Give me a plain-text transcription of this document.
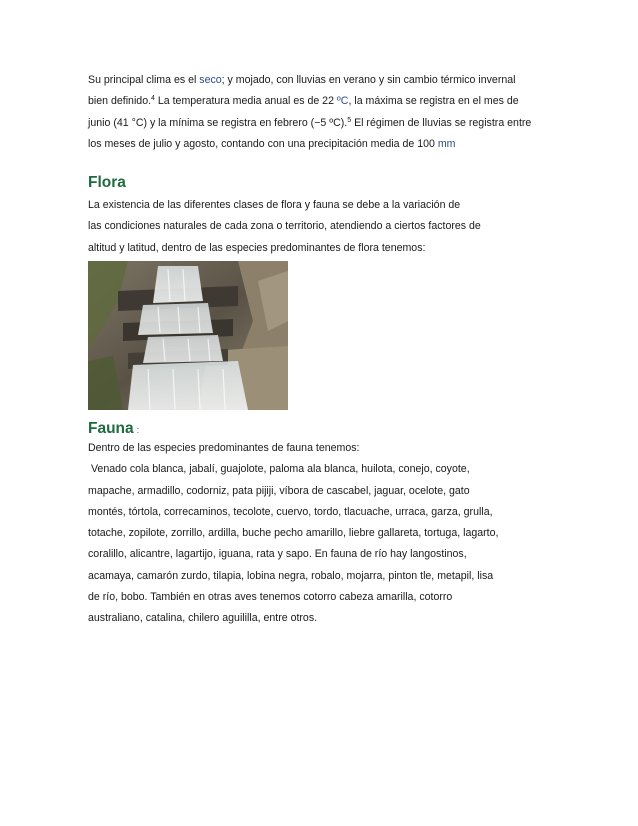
Su principal clima es el seco; y mojado, con lluvias en verano y sin cambio térmico invernal
bien definido.$^4$ La temperatura media anual es de 22 ºC, la máxima se registra en el mes de
junio (41 °C) y la mínima se registra en febrero (−5 ºC).$^5$ El régimen de lluvias se registra entre
los meses de julio y agosto, contando con una precipitación media de 100 mm
Flora
La existencia de las diferentes clases de flora y fauna se debe a la variación de
las condiciones naturales de cada zona o territorio, atendiendo a ciertos factores de
altitud y latitud, dentro de las especies predominantes de flora tenemos:
Fauna :
Dentro de las especies predominantes de fauna tenemos:
Venado cola blanca, jabalí, guajolote, paloma ala blanca, huilota, conejo, coyote,
mapache, armadillo, codorniz, pata pijiji, víbora de cascabel, jaguar, ocelote, gato
montés, tórtola, correcaminos, tecolote, cuervo, tordo, tlacuache, urraca, garza, grulla,
totache, zopilote, zorrillo, ardilla, buche pecho amarillo, liebre gallareta, tortuga, lagarto,
coralillo, alicantre, lagartijo, iguana, rata y sapo. En fauna de río hay langostinos,
acamaya, camarón zurdo, tilapia, lobina negra, robalo, mojarra, pinton tle, metapil, lisa
de río, bobo. También en otras aves tenemos cotorro cabeza amarilla, cotorro
australiano, catalina, chilero aguililla, entre otros.
